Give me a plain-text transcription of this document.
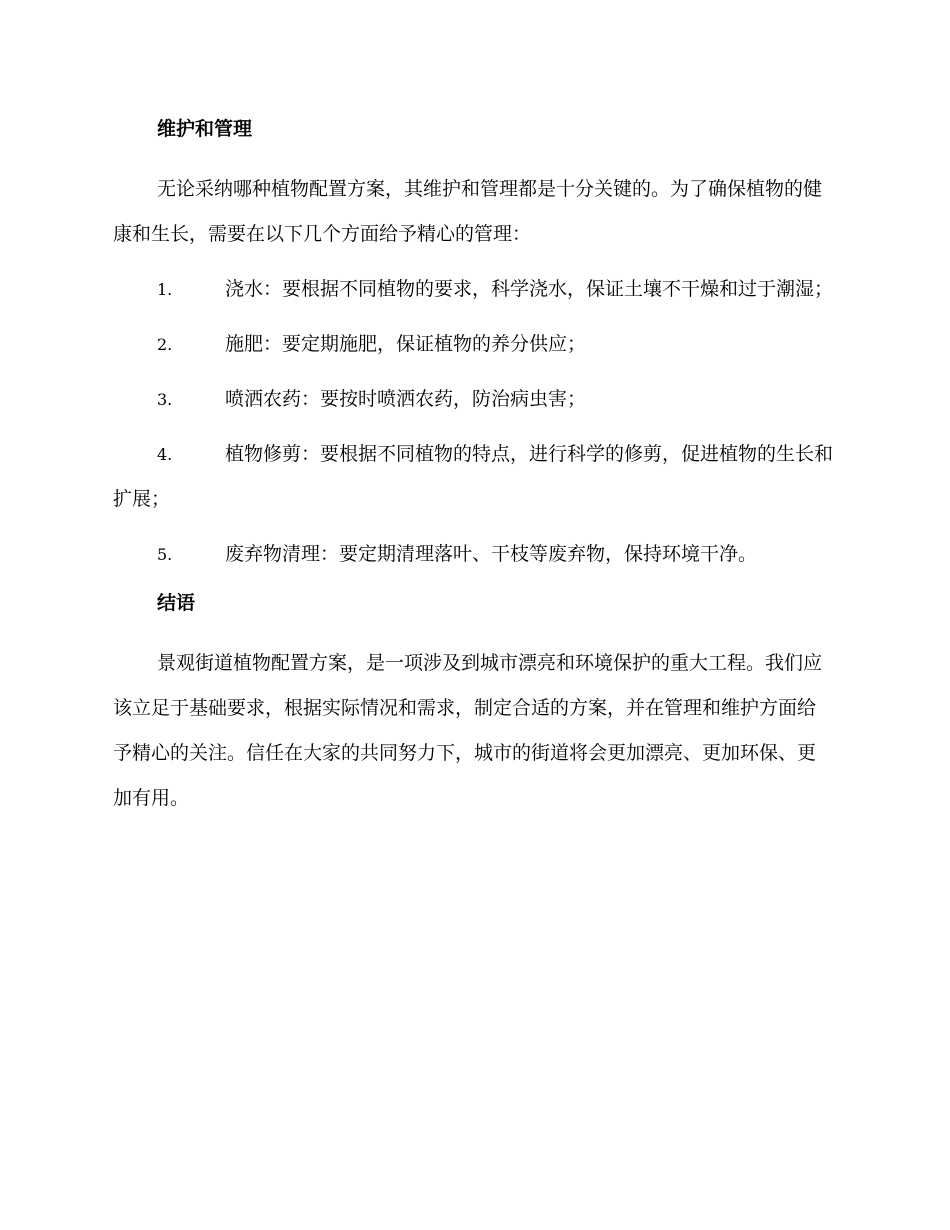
维护和管理

无论采纳哪种植物配置方案，其维护和管理都是十分关键的。为了确保植物的健康和生长，需要在以下几个方面给予精心的管理：

1.	浇水：要根据不同植物的要求，科学浇水，保证土壤不干燥和过于潮湿；

2.	施肥：要定期施肥，保证植物的养分供应；

3.	喷洒农药：要按时喷洒农药，防治病虫害；

4.	植物修剪：要根据不同植物的特点，进行科学的修剪，促进植物的生长和扩展；

5.	废弃物清理：要定期清理落叶、干枝等废弃物，保持环境干净。

结语

景观街道植物配置方案，是一项涉及到城市漂亮和环境保护的重大工程。我们应该立足于基础要求，根据实际情况和需求，制定合适的方案，并在管理和维护方面给予精心的关注。信任在大家的共同努力下，城市的街道将会更加漂亮、更加环保、更加有用。
